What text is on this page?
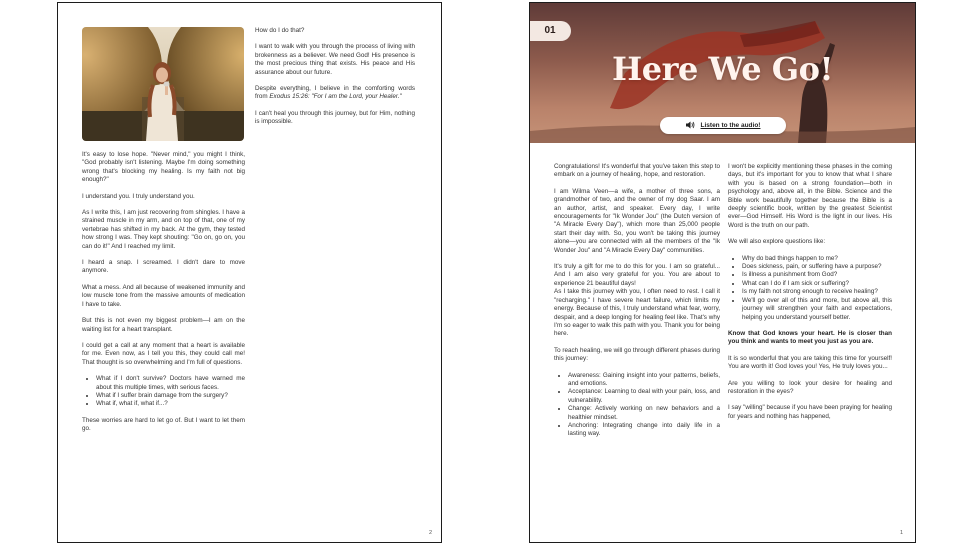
It's easy to lose hope. "Never mind," you might I think, "God probably isn't listening. Maybe I'm doing something wrong that's blocking my healing. Is my faith not big enough?"

I understand you. I truly understand you.

As I write this, I am just recovering from shingles. I have a strained muscle in my arm, and on top of that, one of my vertebrae has shifted in my back. At the gym, they tested how strong I was. They kept shouting: "Go on, go on, you can do it!" And I reached my limit.

I heard a snap. I screamed. I didn't dare to move anymore.

What a mess. And all because of weakened immunity and low muscle tone from the massive amounts of medication I have to take.

But this is not even my biggest problem—I am on the waiting list for a heart transplant.

I could get a call at any moment that a heart is available for me. Even now, as I tell you this, they could call me! That thought is so overwhelming and I'm full of questions.

• What if I don't survive? Doctors have warned me about this multiple times, with serious faces.
• What if I suffer brain damage from the surgery?
• What if, what if, what if...?

These worries are hard to let go of. But I want to let them go.

How do I do that?

I want to walk with you through the process of living with brokenness as a believer. We need God! His presence is the most precious thing that exists. His peace and His assurance about our future.

Despite everything, I believe in the comforting words from Exodus 15:26: "For I am the Lord, your Healer."

I can't heal you through this journey, but for Him, nothing is impossible.

2
01
Here We Go!
Listen to the audio!

Congratulations! It's wonderful that you've taken this step to embark on a journey of healing, hope, and restoration.

I am Wilma Veen—a wife, a mother of three sons, a grandmother of two, and the owner of my dog Saar. I am an author, artist, and speaker. Every day, I write encouragements for "Ik Wonder Jou" (the Dutch version of "A Miracle Every Day"), which more than 25,000 people start their day with. So, you won't be taking this journey alone—you are connected with all the members of the "Ik Wonder Jou" and "A Miracle Every Day" communities.

It's truly a gift for me to do this for you. I am so grateful... And I am also very grateful for you. You are about to experience 21 beautiful days!

As I take this journey with you, I often need to rest. I call it "recharging." I have severe heart failure, which limits my energy. Because of this, I truly understand what fear, worry, despair, and a deep longing for healing feel like. That's why I'm so eager to walk this path with you. Thank you for being here.

To reach healing, we will go through different phases during this journey:

• Awareness: Gaining insight into your patterns, beliefs, and emotions.
• Acceptance: Learning to deal with your pain, loss, and vulnerability.
• Change: Actively working on new behaviors and a healthier mindset.
• Anchoring: Integrating change into daily life in a lasting way.

I won't be explicitly mentioning these phases in the coming days, but it's important for you to know that what I share with you is based on a strong foundation—both in psychology and, above all, in the Bible. Science and the Bible work beautifully together because the Bible is a deeply scientific book, written by the greatest Scientist ever—God Himself. His Word is the light in our lives. His Word is the truth on our path.

We will also explore questions like:

• Why do bad things happen to me?
• Does sickness, pain, or suffering have a purpose?
• Is illness a punishment from God?
• What can I do if I am sick or suffering?
• Is my faith not strong enough to receive healing?
• We'll go over all of this and more, but above all, this journey will strengthen your faith and expectations, helping you understand yourself better.

Know that God knows your heart. He is closer than you think and wants to meet you just as you are.

It is so wonderful that you are taking this time for yourself! You are worth it! God loves you! Yes, He truly loves you...

Are you willing to look your desire for healing and restoration in the eyes?

I say "willing" because if you have been praying for healing for years and nothing has happened,

1
